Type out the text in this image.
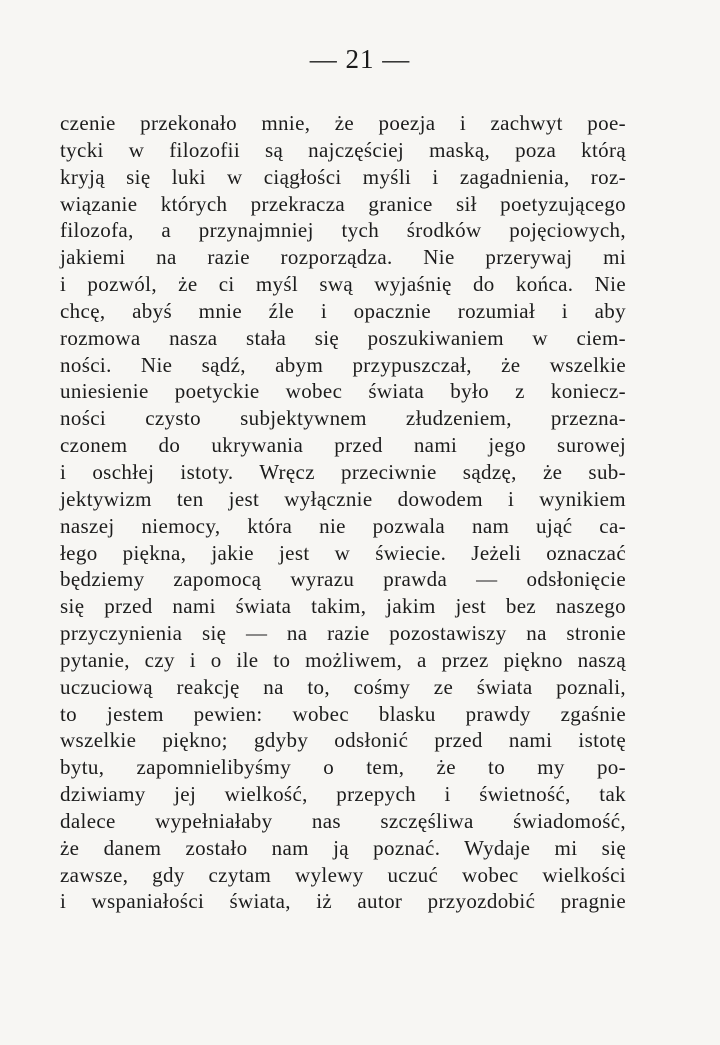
— 21 —
czenie przekonało mnie, że poezja i zachwyt poe-
tycki w filozofii są najczęściej maską, poza którą
kryją się luki w ciągłości myśli i zagadnienia, roz-
wiązanie których przekracza granice sił poetyzującego
filozofa, a przynajmniej tych środków pojęciowych,
jakiemi na razie rozporządza. Nie przerywaj mi
i pozwól, że ci myśl swą wyjaśnię do końca. Nie
chcę, abyś mnie źle i opacznie rozumiał i aby
rozmowa nasza stała się poszukiwaniem w ciem-
ności. Nie sądź, abym przypuszczał, że wszelkie
uniesienie poetyckie wobec świata było z koniecz-
ności czysto subjektywnem złudzeniem, przezna-
czonem do ukrywania przed nami jego surowej
i oschłej istoty. Wręcz przeciwnie sądzę, że sub-
jektywizm ten jest wyłącznie dowodem i wynikiem
naszej niemocy, która nie pozwala nam ująć ca-
łego piękna, jakie jest w świecie. Jeżeli oznaczać
będziemy zapomocą wyrazu prawda — odsłonięcie
się przed nami świata takim, jakim jest bez naszego
przyczynienia się — na razie pozostawiszy na stronie
pytanie, czy i o ile to możliwem, a przez piękno naszą
uczuciową reakcję na to, cośmy ze świata poznali,
to jestem pewien: wobec blasku prawdy zgaśnie
wszelkie piękno; gdyby odsłonić przed nami istotę
bytu, zapomnielibyśmy o tem, że to my po-
dziwiamy jej wielkość, przepych i świetność, tak
dalece wypełniałaby nas szczęśliwa świadomość,
że danem zostało nam ją poznać. Wydaje mi się
zawsze, gdy czytam wylewy uczuć wobec wielkości
i wspaniałości świata, iż autor przyozdobić pragnie
